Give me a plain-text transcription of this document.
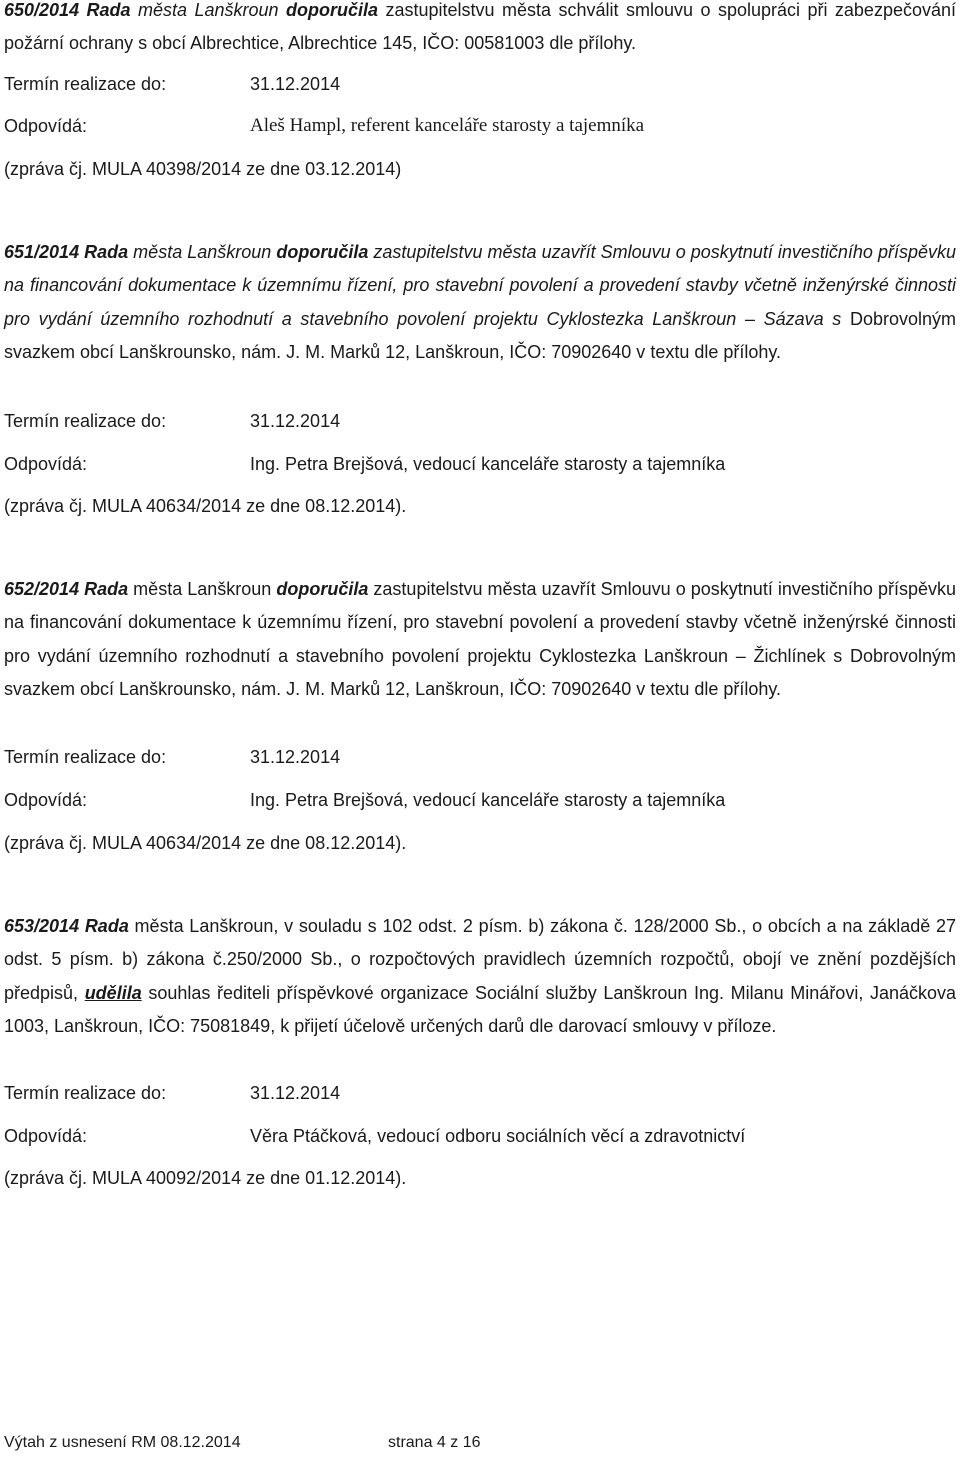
650/2014 Rada města Lanškroun doporučila zastupitelstvu města schválit smlouvu o spolupráci při zabezpečování požární ochrany s obcí Albrechtice, Albrechtice 145, IČO: 00581003 dle přílohy.
Termín realizace do:	31.12.2014
Odpovídá:	Aleš Hampl, referent kanceláře starosty a tajemníka
(zpráva čj. MULA 40398/2014 ze dne 03.12.2014)
651/2014 Rada města Lanškroun doporučila zastupitelstvu města uzavřít Smlouvu o poskytnutí investičního příspěvku na financování dokumentace k územnímu řízení, pro stavební povolení a provedení stavby včetně inženýrské činnosti pro vydání územního rozhodnutí a stavebního povolení projektu Cyklostezka Lanškroun – Sázava s Dobrovolným svazkem obcí Lanškrounsko, nám. J. M. Marků 12, Lanškroun, IČO: 70902640 v textu dle přílohy.
Termín realizace do:	31.12.2014
Odpovídá:	Ing. Petra Brejšová, vedoucí kanceláře starosty a tajemníka
(zpráva čj. MULA 40634/2014 ze dne 08.12.2014).
652/2014 Rada města Lanškroun doporučila zastupitelstvu města uzavřít Smlouvu o poskytnutí investičního příspěvku na financování dokumentace k územnímu řízení, pro stavební povolení a provedení stavby včetně inženýrské činnosti pro vydání územního rozhodnutí a stavebního povolení projektu Cyklostezka Lanškroun – Žichlínek s Dobrovolným svazkem obcí Lanškrounsko, nám. J. M. Marků 12, Lanškroun, IČO: 70902640 v textu dle přílohy.
Termín realizace do:	31.12.2014
Odpovídá:	Ing. Petra Brejšová, vedoucí kanceláře starosty a tajemníka
(zpráva čj. MULA 40634/2014 ze dne 08.12.2014).
653/2014 Rada města Lanškroun, v souladu s 102 odst. 2 písm. b) zákona č. 128/2000 Sb., o obcích a na základě 27 odst. 5 písm. b) zákona č.250/2000 Sb., o rozpočtových pravidlech územních rozpočtů, obojí ve znění pozdějších předpisů, udělila souhlas řediteli příspěvkové organizace Sociální služby Lanškroun Ing. Milanu Minářovi, Janáčkova 1003, Lanškroun, IČO: 75081849, k přijetí účelově určených darů dle darovací smlouvy v příloze.
Termín realizace do:	31.12.2014
Odpovídá:	Věra Ptáčková, vedoucí odboru sociálních věcí a zdravotnictví
(zpráva čj. MULA 40092/2014 ze dne 01.12.2014).
Výtah z usnesení RM 08.12.2014	strana 4 z 16
